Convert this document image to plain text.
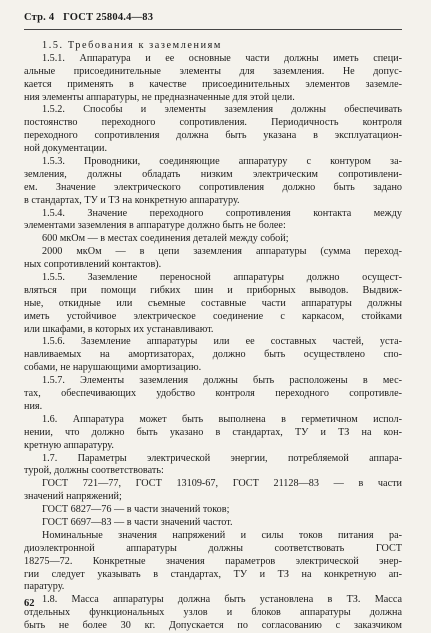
Стр. 4 ГОСТ 25804.4—83
1.5. Требования к заземлениям
1.5.1. Аппаратура и ее основные части должны иметь специ-
альные присоединительные элементы для заземления. Не допус-
кается применять в качестве присоединительных элементов заземле-
ния элементы аппаратуры, не предназначенные для этой цели.
1.5.2. Способы и элементы заземления должны обеспечивать
постоянство переходного сопротивления. Периодичность контроля
переходного сопротивления должна быть указана в эксплуатацион-
ной документации.
1.5.3. Проводники, соединяющие аппаратуру с контуром за-
земления, должны обладать низким электрическим сопротивлени-
ем. Значение электрического сопротивления должно быть задано
в стандартах, ТУ и ТЗ на конкретную аппаратуру.
1.5.4. Значение переходного сопротивления контакта между
элементами заземления в аппаратуре должно быть не более:
600 мкОм — в местах соединения деталей между собой;
2000 мкОм — в цепи заземления аппаратуры (сумма переход-
ных сопротивлений контактов).
1.5.5. Заземление переносной аппаратуры должно осущест-
вляться при помощи гибких шин и приборных выводов. Выдвиж-
ные, откидные или съемные составные части аппаратуры должны
иметь устойчивое электрическое соединение с каркасом, стойками
или шкафами, в которых их устанавливают.
1.5.6. Заземление аппаратуры или ее составных частей, уста-
навливаемых на амортизаторах, должно быть осуществлено спо-
собами, не нарушающими амортизацию.
1.5.7. Элементы заземления должны быть расположены в мес-
тах, обеспечивающих удобство контроля переходного сопротивле-
ния.
1.6. Аппаратура может быть выполнена в герметичном испол-
нении, что должно быть указано в стандартах, ТУ и ТЗ на кон-
кретную аппаратуру.
1.7. Параметры электрической энергии, потребляемой аппара-
турой, должны соответствовать:
ГОСТ 721—77, ГОСТ 13109-67, ГОСТ 21128—83 — в части
значений напряжений;
ГОСТ 6827—76 — в части значений токов;
ГОСТ 6697—83 — в части значений частот.
Номинальные значения напряжений и силы токов питания ра-
диоэлектронной аппаратуры должны соответствовать ГОСТ
18275—72. Конкретные значения параметров электрической энер-
гии следует указывать в стандартах, ТУ и ТЗ на конкретную ап-
паратуру.
1.8. Масса аппаратуры должна быть установлена в ТЗ. Масса
отдельных функциональных узлов и блоков аппаратуры должна
быть не более 30 кг. Допускается по согласованию с заказчиком
62
